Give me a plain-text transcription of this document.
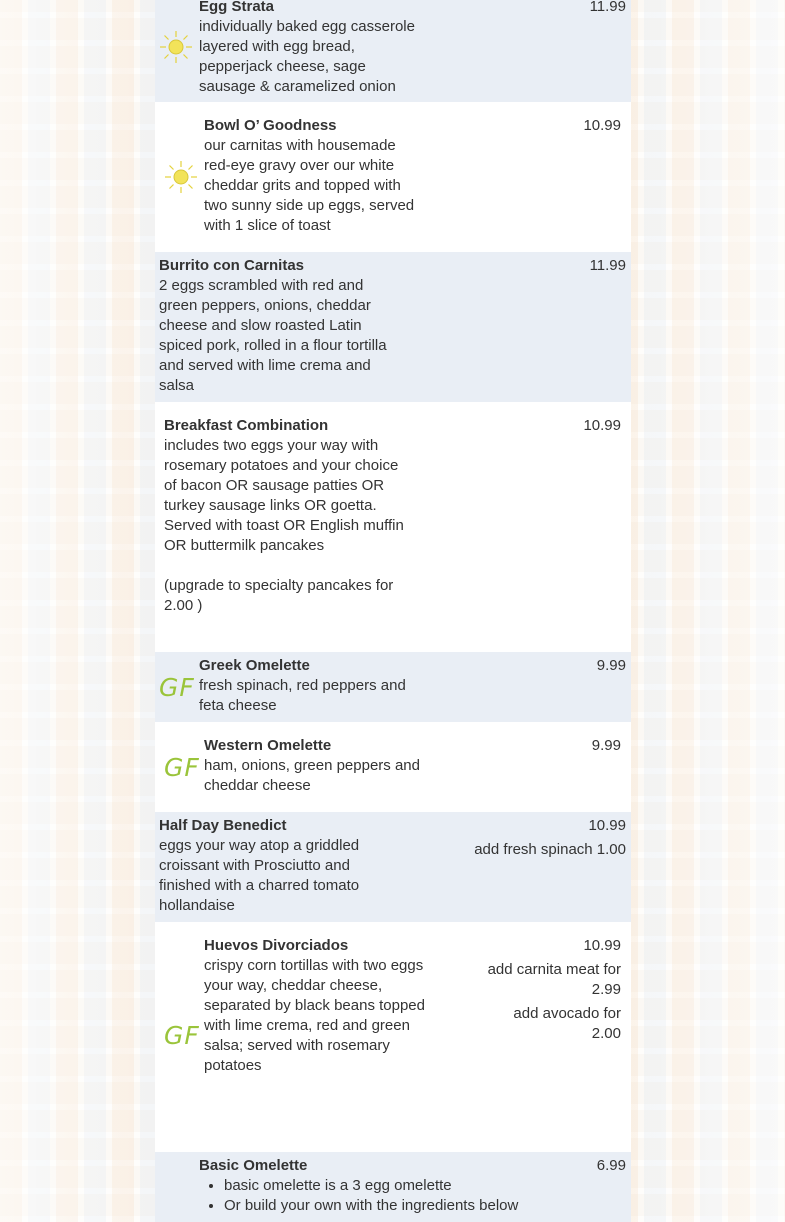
Egg Strata	11.99
individually baked egg casserole layered with egg bread, pepperjack cheese, sage sausage & caramelized onion
Bowl O’ Goodness	10.99
our carnitas with housemade red-eye gravy over our white cheddar grits and topped with two sunny side up eggs, served with 1 slice of toast
Burrito con Carnitas	11.99
2 eggs scrambled with red and green peppers, onions, cheddar cheese and slow roasted Latin spiced pork, rolled in a flour tortilla and served with lime crema and salsa
Breakfast Combination	10.99
includes two eggs your way with rosemary potatoes and your choice of bacon OR sausage patties OR turkey sausage links OR goetta. Served with toast OR English muffin OR buttermilk pancakes
(upgrade to specialty pancakes for 2.00 )
GF
Greek Omelette	9.99
fresh spinach, red peppers and feta cheese
GF
Western Omelette	9.99
ham, onions, green peppers and cheddar cheese
Half Day Benedict	10.99
add fresh spinach 1.00
eggs your way atop a griddled croissant with Prosciutto and finished with a charred tomato hollandaise
GF
Huevos Divorciados	10.99
add carnita meat for 2.99
add avocado for 2.00
crispy corn tortillas with two eggs your way, cheddar cheese, separated by black beans topped with lime crema, red and green salsa; served with rosemary potatoes
Basic Omelette	6.99
• basic omelette is a 3 egg omelette
• Or build your own with the ingredients below
